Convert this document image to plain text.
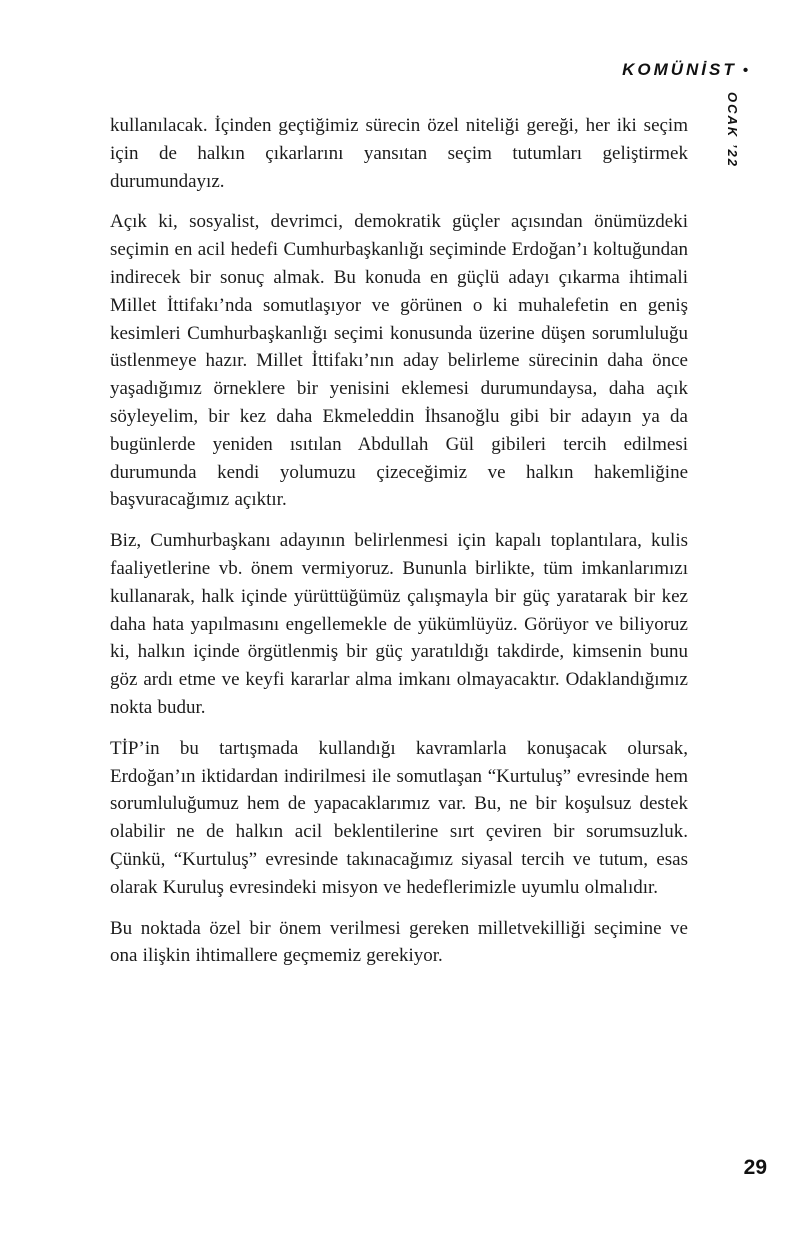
KOMÜNİST •
OCAK ’22

kullanılacak. İçinden geçtiğimiz sürecin özel niteliği gereği, her iki seçim için de halkın çıkarlarını yansıtan seçim tutumları geliştirmek durumundayız.

Açık ki, sosyalist, devrimci, demokratik güçler açısından önümüzdeki seçimin en acil hedefi Cumhurbaşkanlığı seçiminde Erdoğan’ı koltuğundan indirecek bir sonuç almak. Bu konuda en güçlü adayı çıkarma ihtimali Millet İttifakı’nda somutlaşıyor ve görünen o ki muhalefetin en geniş kesimleri Cumhurbaşkanlığı seçimi konusunda üzerine düşen sorumluluğu üstlenmeye hazır. Millet İttifakı’nın aday belirleme sürecinin daha önce yaşadığımız örneklere bir yenisini eklemesi durumundaysa, daha açık söyleyelim, bir kez daha Ekmeleddin İhsanoğlu gibi bir adayın ya da bugünlerde yeniden ısıtılan Abdullah Gül gibileri tercih edilmesi durumunda kendi yolumuzu çizeceğimiz ve halkın hakemliğine başvuracağımız açıktır.

Biz, Cumhurbaşkanı adayının belirlenmesi için kapalı toplantılara, kulis faaliyetlerine vb. önem vermiyoruz. Bununla birlikte, tüm imkanlarımızı kullanarak, halk içinde yürüttüğümüz çalışmayla bir güç yaratarak bir kez daha hata yapılmasını engellemekle de yükümlüyüz. Görüyor ve biliyoruz ki, halkın içinde örgütlenmiş bir güç yaratıldığı takdirde, kimsenin bunu göz ardı etme ve keyfi kararlar alma imkanı olmayacaktır. Odaklandığımız nokta budur.

TİP’in bu tartışmada kullandığı kavramlarla konuşacak olursak, Erdoğan’ın iktidardan indirilmesi ile somutlaşan “Kurtuluş” evresinde hem sorumluluğumuz hem de yapacaklarımız var. Bu, ne bir koşulsuz destek olabilir ne de halkın acil beklentilerine sırt çeviren bir sorumsuzluk. Çünkü, “Kurtuluş” evresinde takınacağımız siyasal tercih ve tutum, esas olarak Kuruluş evresindeki misyon ve hedeflerimizle uyumlu olmalıdır.

Bu noktada özel bir önem verilmesi gereken milletvekilliği seçimine ve ona ilişkin ihtimallere geçmemiz gerekiyor.

29
